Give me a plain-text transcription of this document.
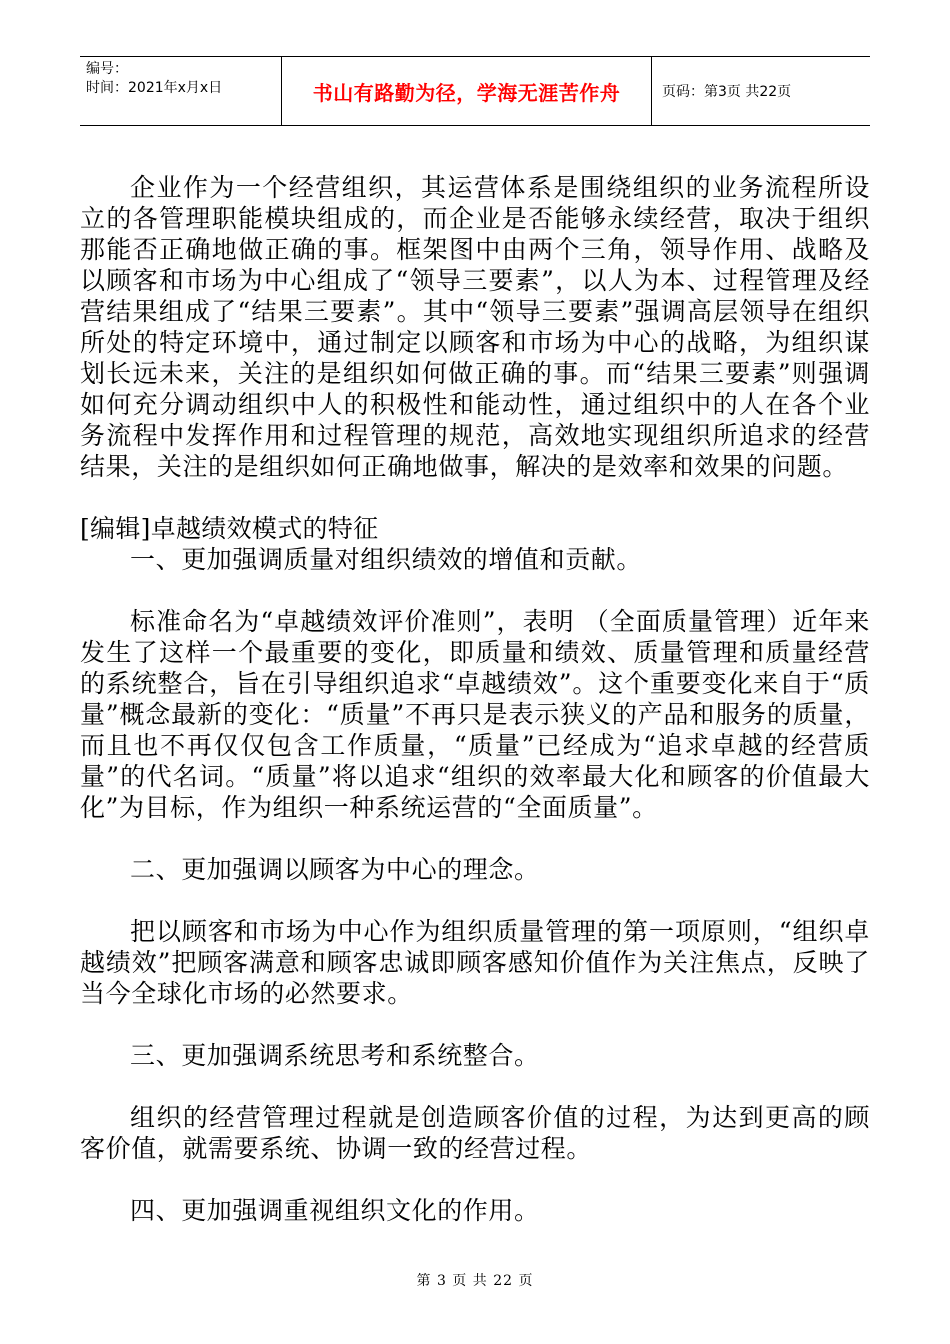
编号：
时间：2021年x月x日	书山有路勤为径，学海无涯苦作舟	页码：第3页 共22页

企业作为一个经营组织，其运营体系是围绕组织的业务流程所设立的各管理职能模块组成的，而企业是否能够永续经营，取决于组织那能否正确地做正确的事。框架图中由两个三角，领导作用、战略及以顾客和市场为中心组成了“领导三要素”，以人为本、过程管理及经营结果组成了“结果三要素”。其中“领导三要素”强调高层领导在组织所处的特定环境中，通过制定以顾客和市场为中心的战略，为组织谋划长远未来，关注的是组织如何做正确的事。而“结果三要素”则强调如何充分调动组织中人的积极性和能动性，通过组织中的人在各个业务流程中发挥作用和过程管理的规范，高效地实现组织所追求的经营结果，关注的是组织如何正确地做事，解决的是效率和效果的问题。

[编辑]卓越绩效模式的特征

一、更加强调质量对组织绩效的增值和贡献。

标准命名为“卓越绩效评价准则”，表明 （全面质量管理）近年来发生了这样一个最重要的变化，即质量和绩效、质量管理和质量经营的系统整合，旨在引导组织追求“卓越绩效”。这个重要变化来自于“质量”概念最新的变化：“质量”不再只是表示狭义的产品和服务的质量，而且也不再仅仅包含工作质量，“质量”已经成为“追求卓越的经营质量”的代名词。“质量”将以追求“组织的效率最大化和顾客的价值最大化”为目标，作为组织一种系统运营的“全面质量”。

二、更加强调以顾客为中心的理念。

把以顾客和市场为中心作为组织质量管理的第一项原则，“组织卓越绩效”把顾客满意和顾客忠诚即顾客感知价值作为关注焦点，反映了当今全球化市场的必然要求。

三、更加强调系统思考和系统整合。

组织的经营管理过程就是创造顾客价值的过程，为达到更高的顾客价值，就需要系统、协调一致的经营过程。

四、更加强调重视组织文化的作用。

第 3 页 共 22 页
